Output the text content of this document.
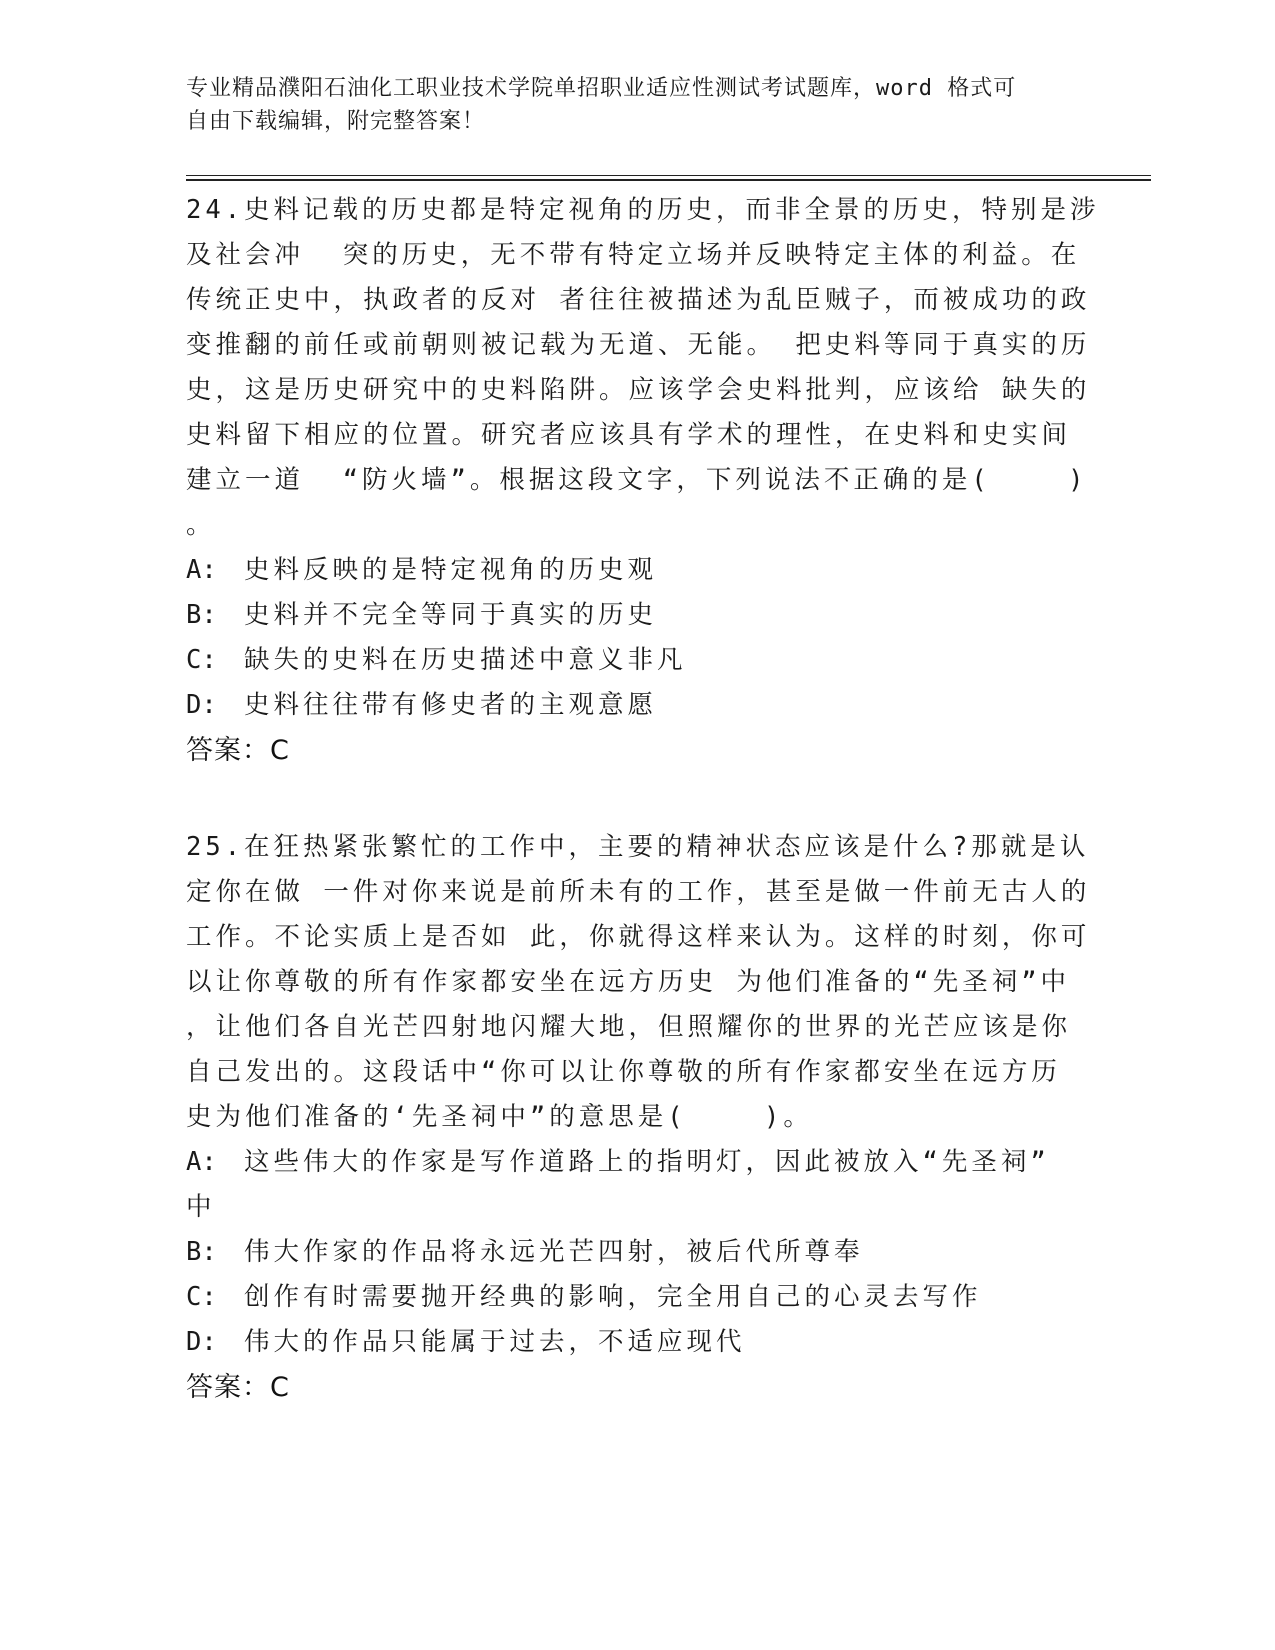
专业精品濮阳石油化工职业技术学院单招职业适应性测试考试题库，word 格式可
自由下载编辑，附完整答案！
24.史料记载的历史都是特定视角的历史，而非全景的历史，特别是涉
及社会冲  突的历史，无不带有特定立场并反映特定主体的利益。在
传统正史中，执政者的反对 者往往被描述为乱臣贼子，而被成功的政
变推翻的前任或前朝则被记载为无道、无能。 把史料等同于真实的历
史，这是历史研究中的史料陷阱。应该学会史料批判，应该给 缺失的
史料留下相应的位置。研究者应该具有学术的理性，在史料和史实间
建立一道  “防火墙”。根据这段文字，下列说法不正确的是(    )
。
A: 史料反映的是特定视角的历史观
B: 史料并不完全等同于真实的历史
C: 缺失的史料在历史描述中意义非凡
D: 史料往往带有修史者的主观意愿
答案：C
25.在狂热紧张繁忙的工作中，主要的精神状态应该是什么?那就是认
定你在做 一件对你来说是前所未有的工作，甚至是做一件前无古人的
工作。不论实质上是否如 此，你就得这样来认为。这样的时刻，你可
以让你尊敬的所有作家都安坐在远方历史 为他们准备的“先圣祠”中
，让他们各自光芒四射地闪耀大地，但照耀你的世界的光芒应该是你
自己发出的。这段话中“你可以让你尊敬的所有作家都安坐在远方历
史为他们准备的‘先圣祠中”的意思是(    )。
A: 这些伟大的作家是写作道路上的指明灯，因此被放入“先圣祠”
中
B: 伟大作家的作品将永远光芒四射，被后代所尊奉
C: 创作有时需要抛开经典的影响，完全用自己的心灵去写作
D: 伟大的作品只能属于过去，不适应现代
答案：C
